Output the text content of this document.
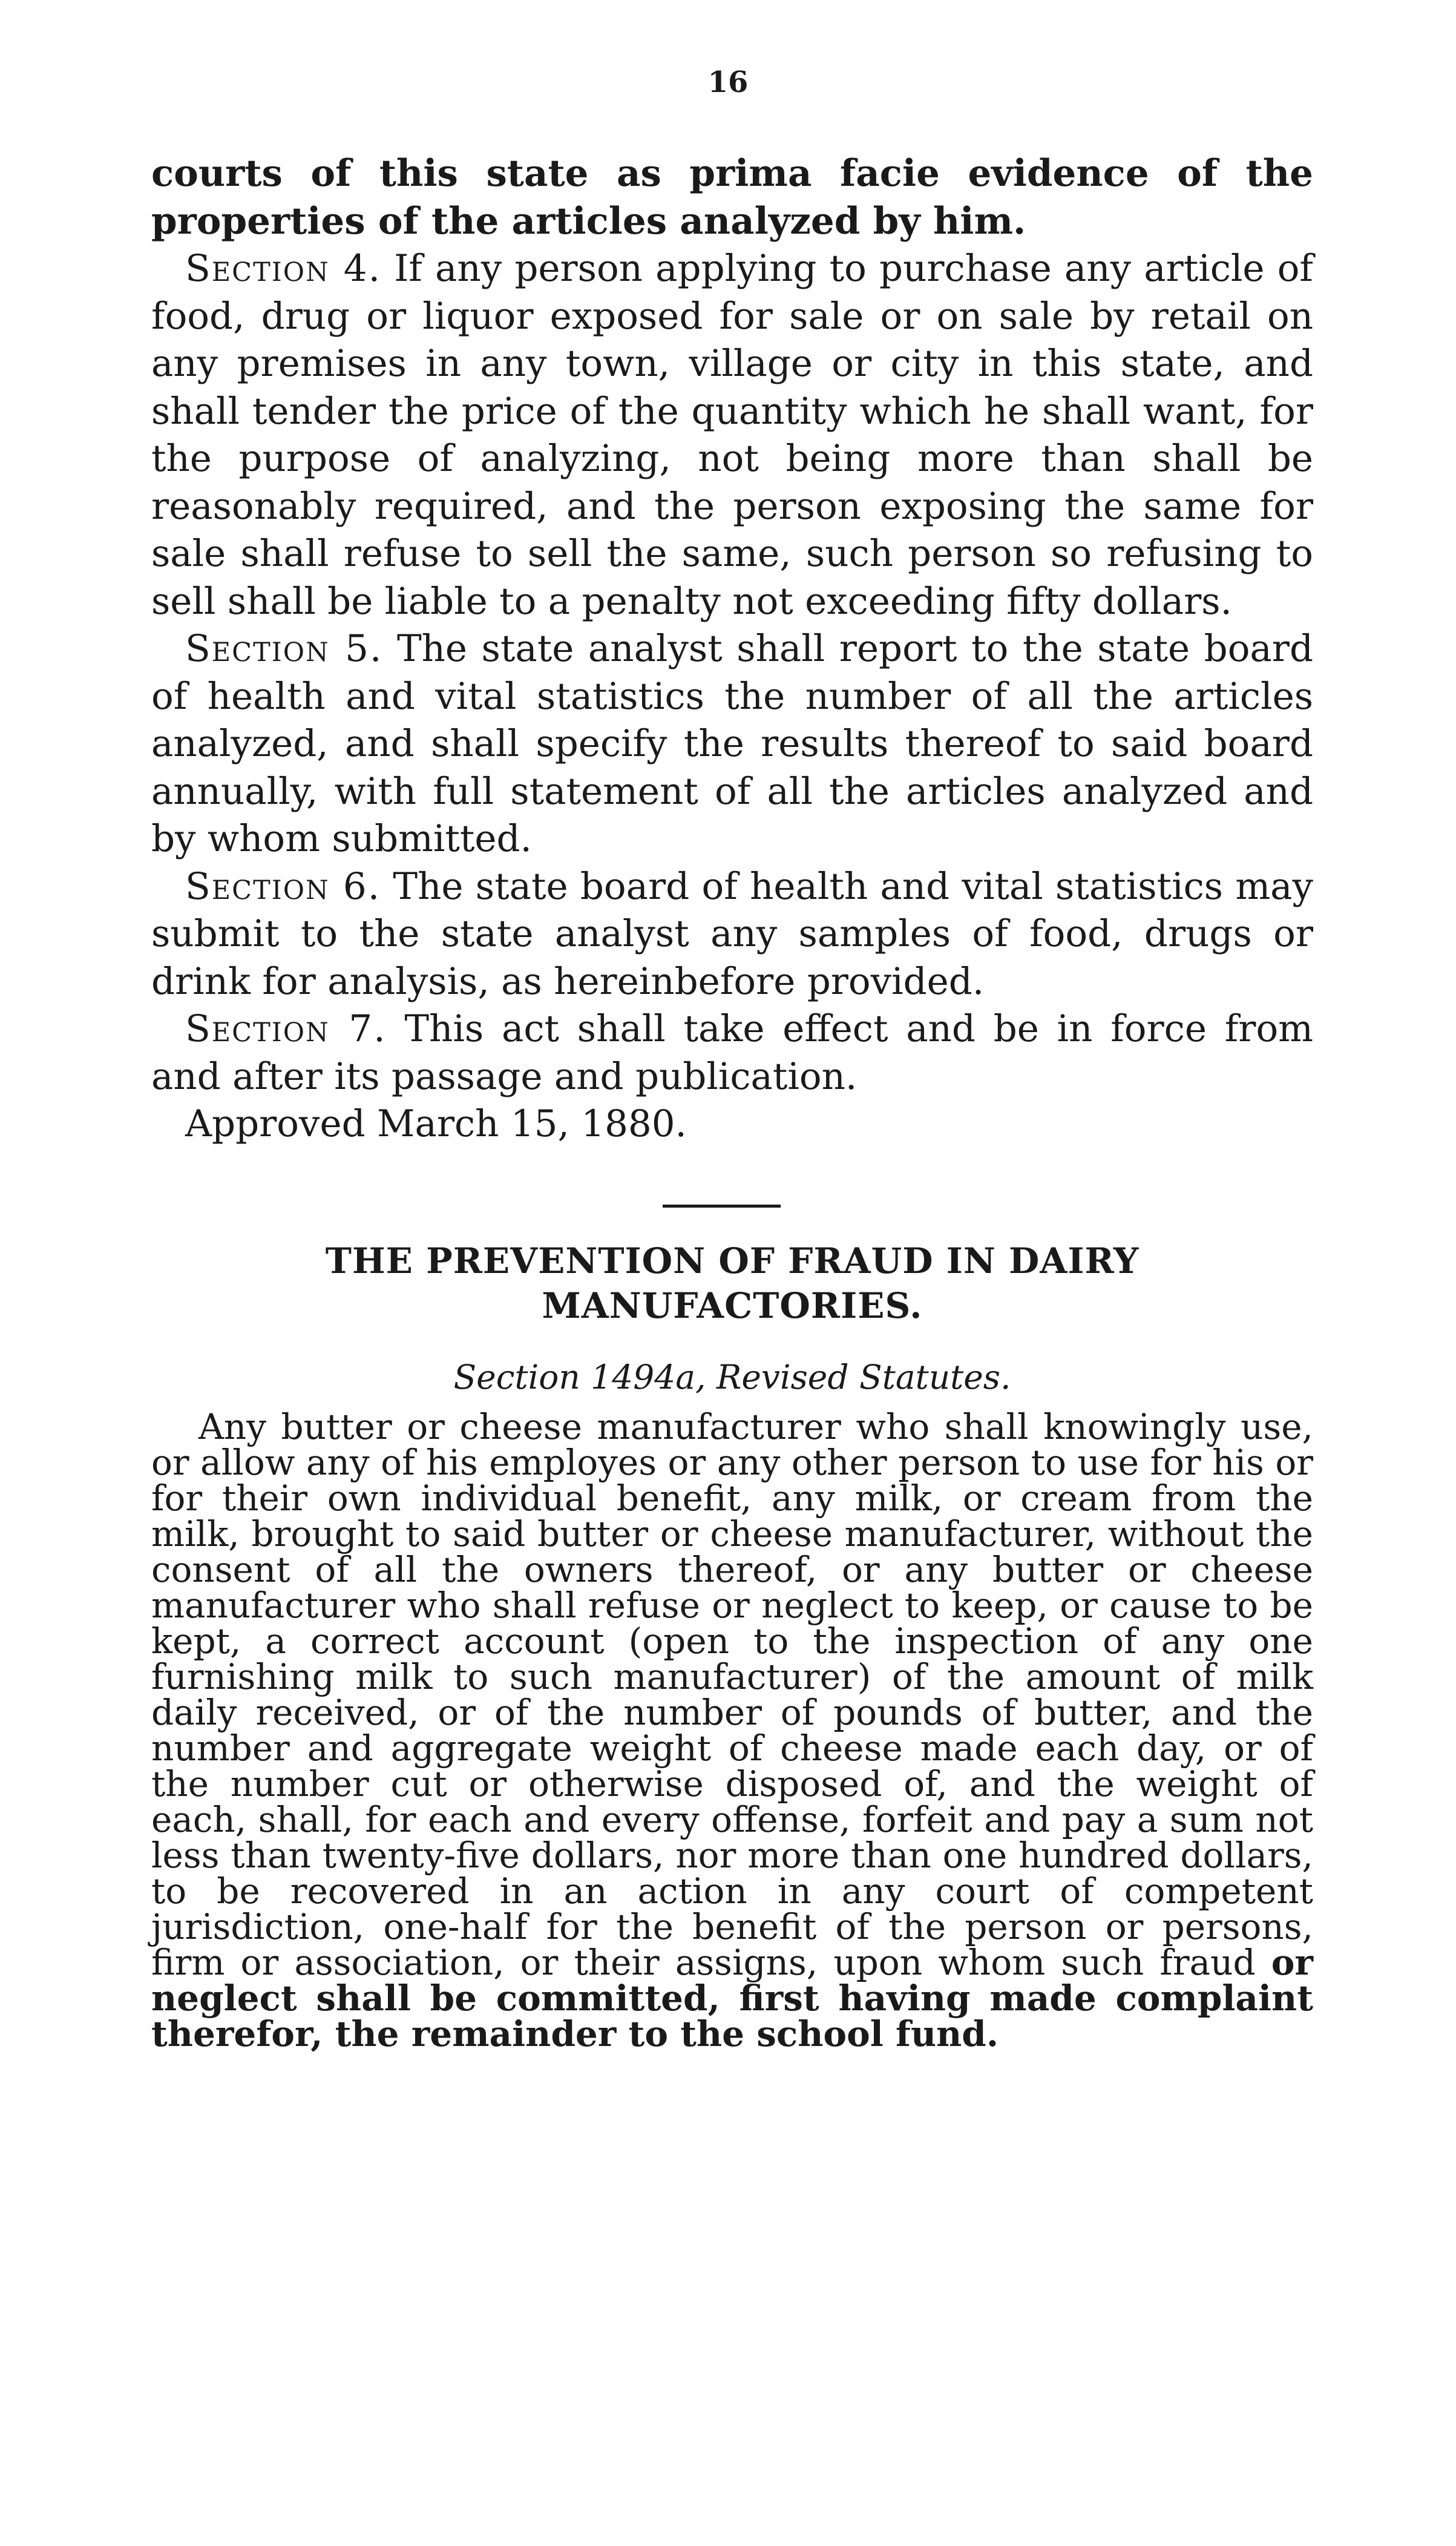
16

courts of this state as prima facie evidence of the properties of the articles analyzed by him.

Section 4. If any person applying to purchase any article of food, drug or liquor exposed for sale or on sale by retail on any premises in any town, village or city in this state, and shall tender the price of the quantity which he shall want, for the purpose of analyzing, not being more than shall be reasonably required, and the person exposing the same for sale shall refuse to sell the same, such person so refusing to sell shall be liable to a penalty not exceeding fifty dollars.

Section 5. The state analyst shall report to the state board of health and vital statistics the number of all the articles analyzed, and shall specify the results thereof to said board annually, with full statement of all the articles analyzed and by whom submitted.

Section 6. The state board of health and vital statistics may submit to the state analyst any samples of food, drugs or drink for analysis, as hereinbefore provided.

Section 7. This act shall take effect and be in force from and after its passage and publication.

Approved March 15, 1880.

THE PREVENTION OF FRAUD IN DAIRY MANUFACTORIES.
Section 1494a, Revised Statutes.

Any butter or cheese manufacturer who shall knowingly use, or allow any of his employes or any other person to use for his or for their own individual benefit, any milk, or cream from the milk, brought to said butter or cheese manufacturer, without the consent of all the owners thereof, or any butter or cheese manufacturer who shall refuse or neglect to keep, or cause to be kept, a correct account (open to the inspection of any one furnishing milk to such manufacturer) of the amount of milk daily received, or of the number of pounds of butter, and the number and aggregate weight of cheese made each day, or of the number cut or otherwise disposed of, and the weight of each, shall, for each and every offense, forfeit and pay a sum not less than twenty-five dollars, nor more than one hundred dollars, to be recovered in an action in any court of competent jurisdiction, one-half for the benefit of the person or persons, firm or association, or their assigns, upon whom such fraud or neglect shall be committed, first having made complaint therefor, the remainder to the school fund.
